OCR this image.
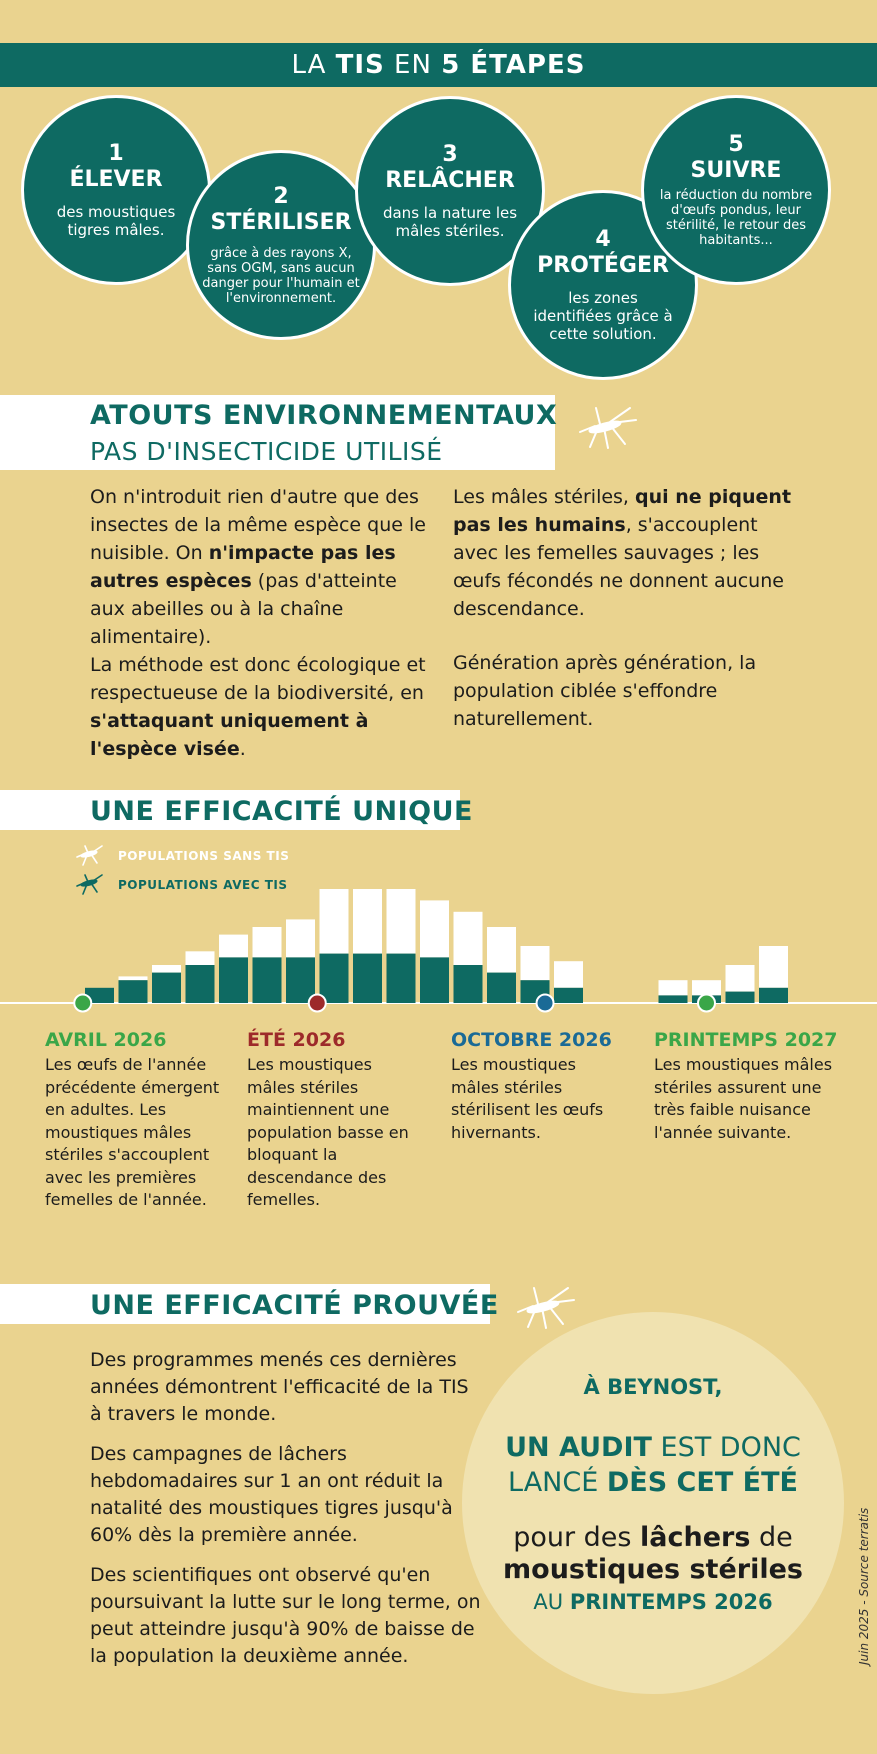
LA TIS EN 5 ÉTAPES
1
ÉLEVER
des moustiques tigres mâles.
2
STÉRILISER
grâce à des rayons X, sans OGM, sans aucun danger pour l'humain et l'environnement.
3
RELÂCHER
dans la nature les mâles stériles.	4
PROTÉGER
les zones identifiées grâce à cette solution.
5
SUIVRE
la réduction du nombre d'œufs pondus, leur stérilité, le retour des habitants...
ATOUTS ENVIRONNEMENTAUX
PAS D'INSECTICIDE UTILISÉ

On n'introduit rien d'autre que des insectes de la même espèce que le nuisible. On n'impacte pas les autres espèces (pas d'atteinte aux abeilles ou à la chaîne alimentaire).

La méthode est donc écologique et respectueuse de la biodiversité, en s'attaquant uniquement à l'espèce visée.

Les mâles stériles, qui ne piquent pas les humains, s'accouplent avec les femelles sauvages ; les œufs fécondés ne donnent aucune descendance.

Génération après génération, la population ciblée s'effondre naturellement.

UNE EFFICACITÉ UNIQUE
POPULATIONS SANS TIS
POPULATIONS AVEC TIS
AVRIL 2026
Les œufs de l'année précédente émergent en adultes. Les moustiques mâles stériles s'accouplent avec les premières femelles de l'année.
ÉTÉ 2026
Les moustiques mâles stériles maintiennent une population basse en bloquant la descendance des femelles.
OCTOBRE 2026
Les moustiques mâles stériles stérilisent les œufs hivernants.
PRINTEMPS 2027
Les moustiques mâles stériles assurent une très faible nuisance l'année suivante.
UNE EFFICACITÉ PROUVÉE
Des programmes menés ces dernières années démontrent l'efficacité de la TIS à travers le monde.
Des campagnes de lâchers hebdomadaires sur 1 an ont réduit la natalité des moustiques tigres jusqu'à 60% dès la première année.
Des scientifiques ont observé qu'en poursuivant la lutte sur le long terme, on peut atteindre jusqu'à 90% de baisse de la population la deuxième année.
À BEYNOST,
UN AUDIT EST DONC
LANCÉ DÈS CET ÉTÉ
pour des lâchers de
moustiques stériles
AU PRINTEMPS 2026	Juin 2025 - Source terratis
